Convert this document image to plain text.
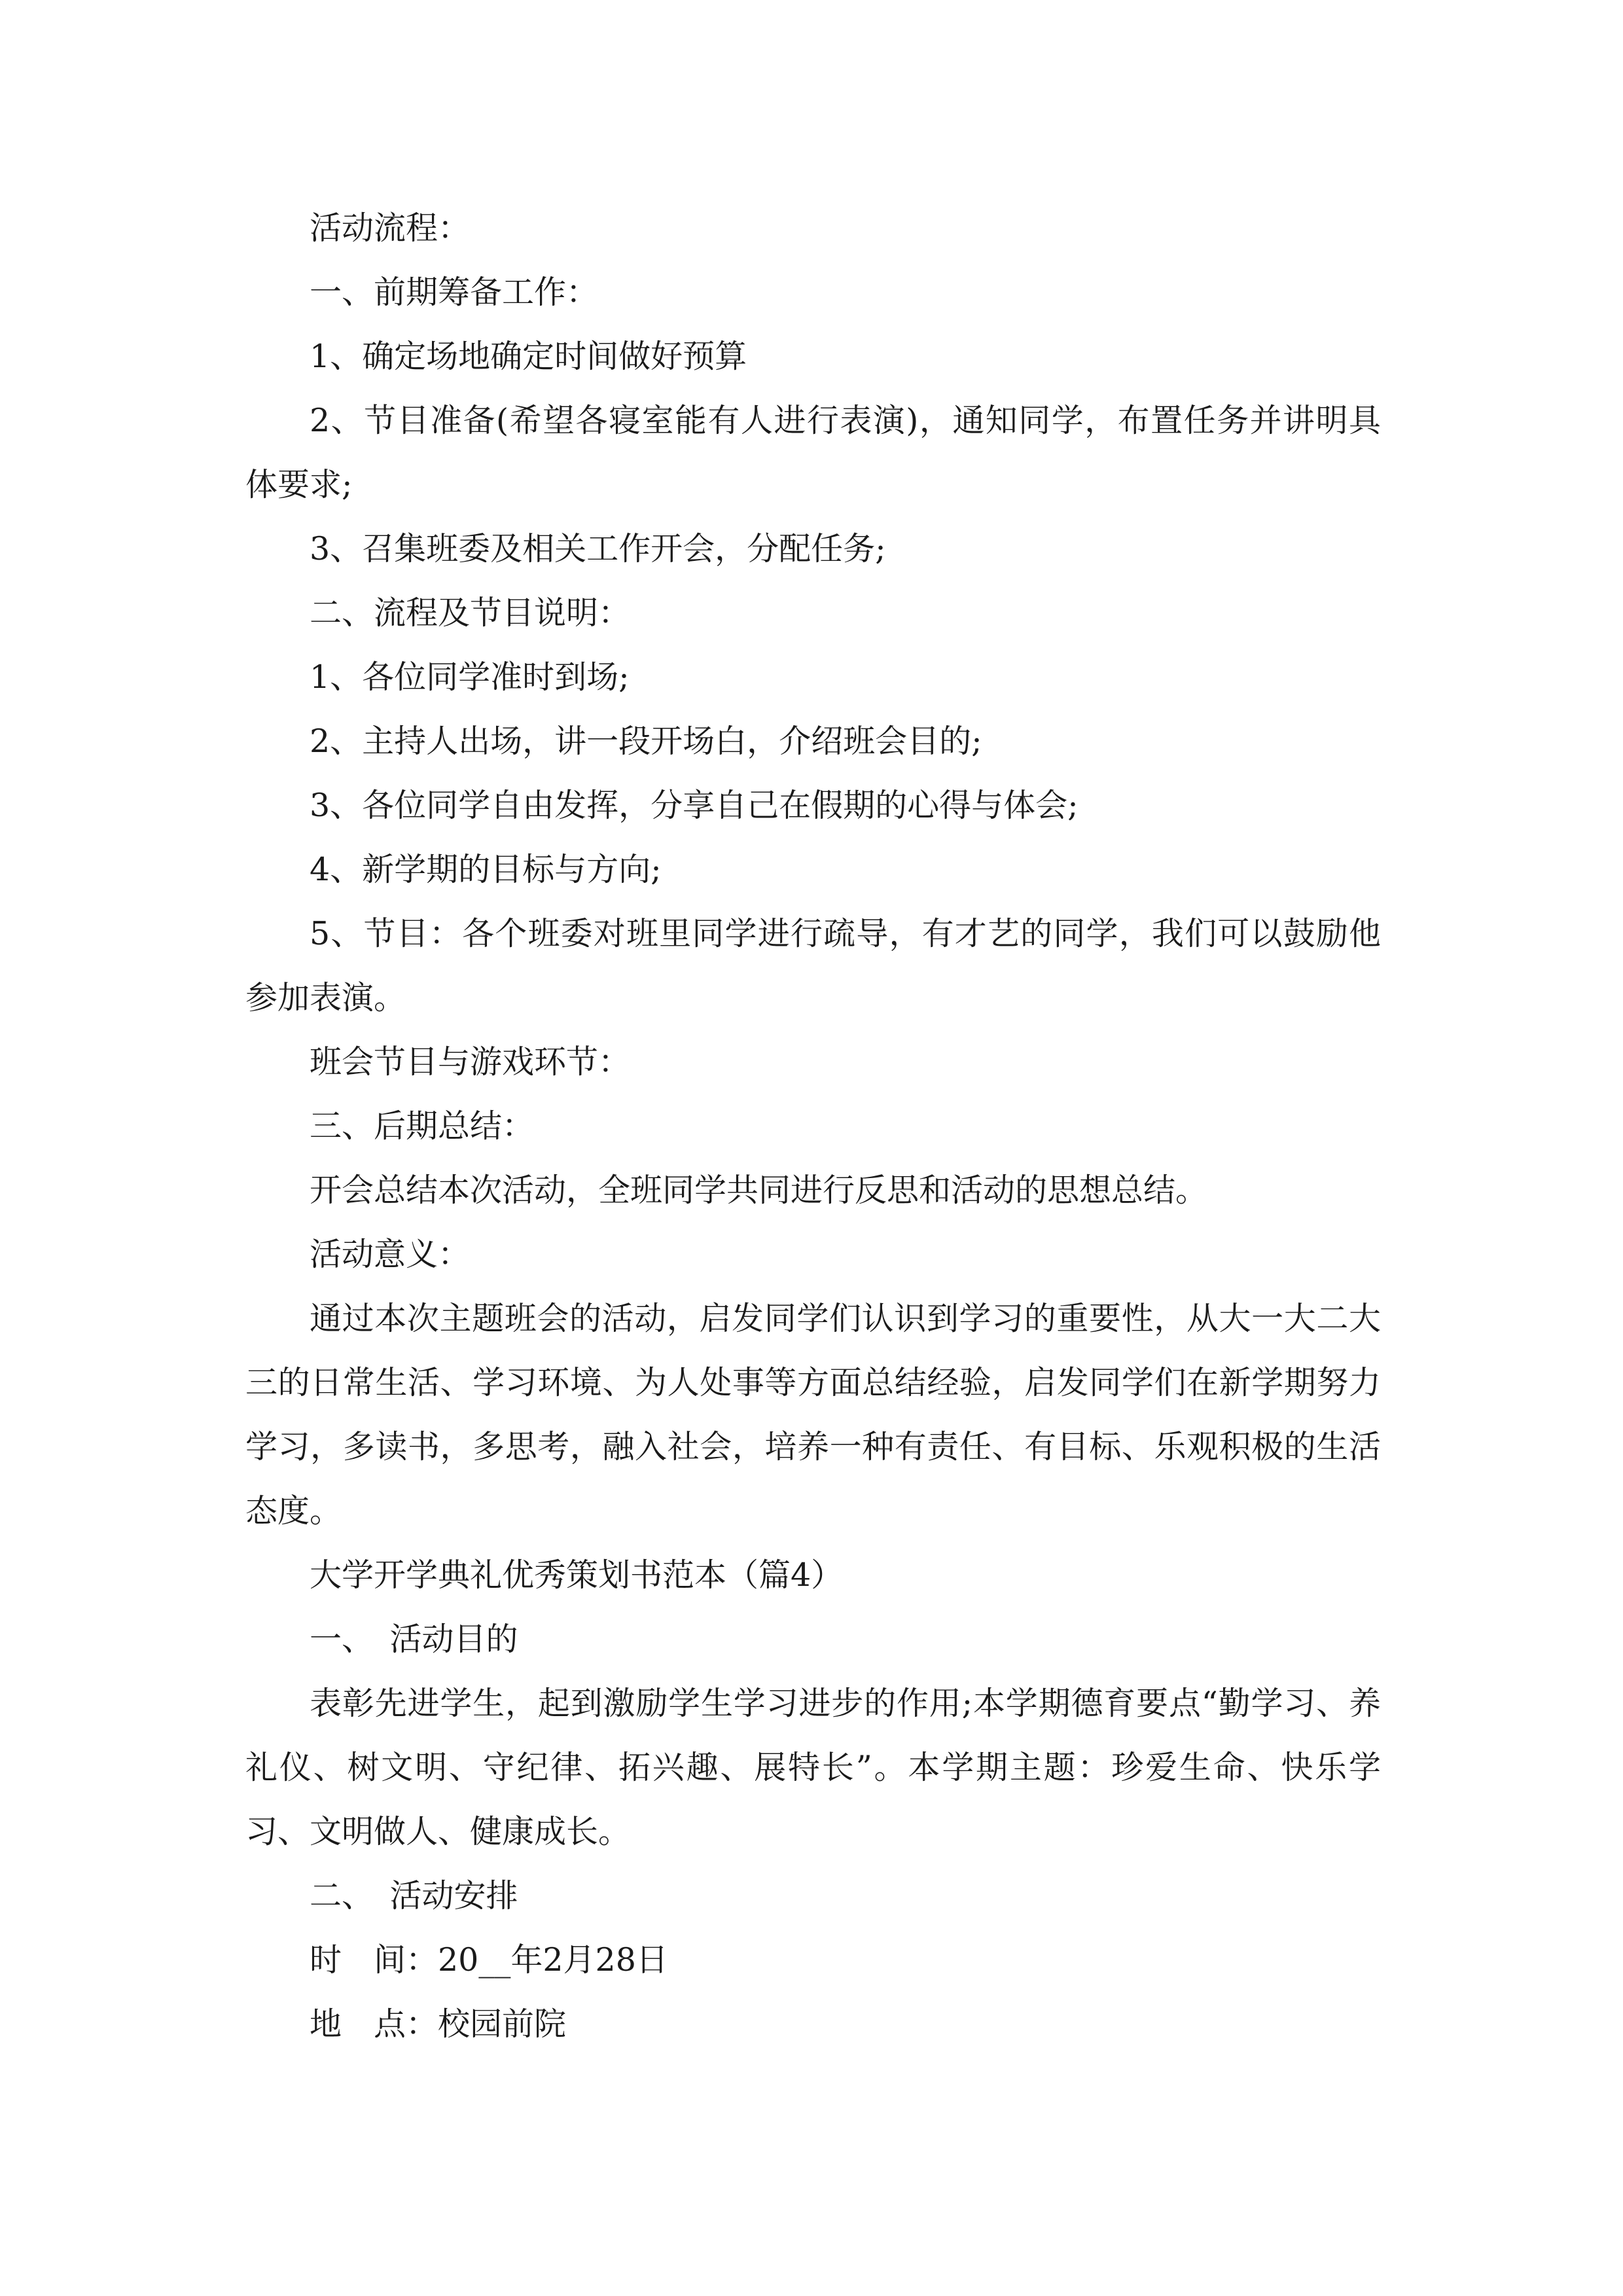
活动流程：

一、前期筹备工作：

1、确定场地确定时间做好预算

2、节目准备(希望各寝室能有人进行表演)，通知同学，布置任务并讲明具体要求;

3、召集班委及相关工作开会，分配任务;

二、流程及节目说明：

1、各位同学准时到场;

2、主持人出场，讲一段开场白，介绍班会目的;

3、各位同学自由发挥，分享自己在假期的心得与体会;

4、新学期的目标与方向;

5、节目：各个班委对班里同学进行疏导，有才艺的同学，我们可以鼓励他参加表演。

班会节目与游戏环节：

三、后期总结：

开会总结本次活动，全班同学共同进行反思和活动的思想总结。

活动意义：

通过本次主题班会的活动，启发同学们认识到学习的重要性，从大一大二大三的日常生活、学习环境、为人处事等方面总结经验，启发同学们在新学期努力学习，多读书，多思考，融入社会，培养一种有责任、有目标、乐观积极的生活态度。

大学开学典礼优秀策划书范本（篇4）

一、　活动目的

表彰先进学生，起到激励学生学习进步的作用;本学期德育要点“勤学习、养礼仪、树文明、守纪律、拓兴趣、展特长”。本学期主题：珍爱生命、快乐学习、文明做人、健康成长。

二、　活动安排

时　间：20__年2月28日

地　点：校园前院
